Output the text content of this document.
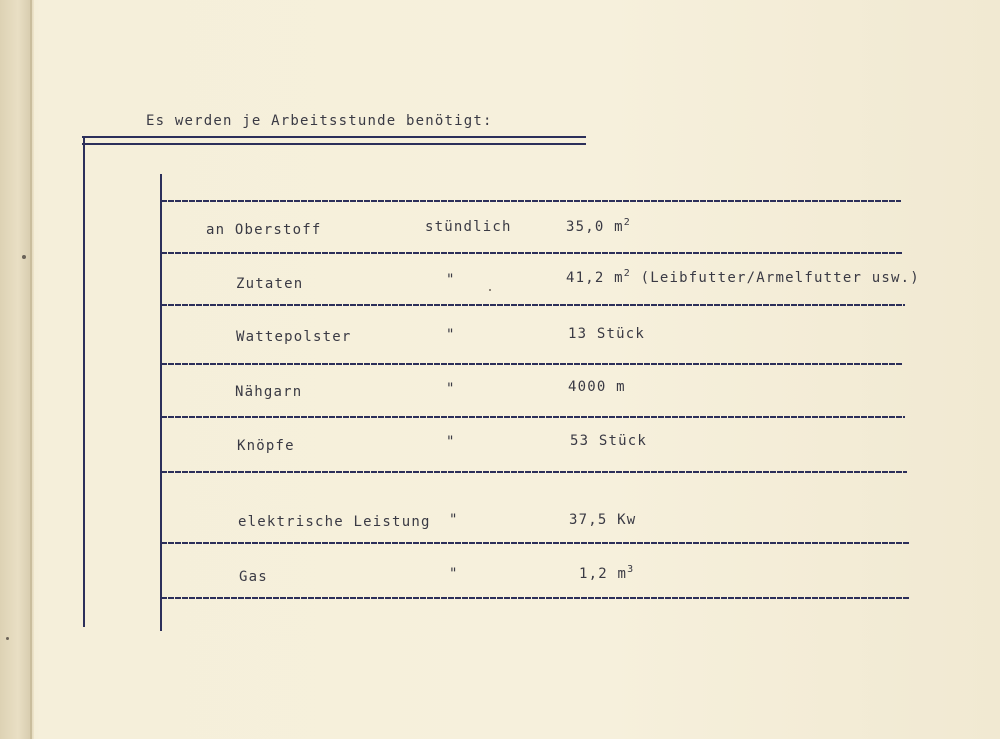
Es werden je Arbeitsstunde benötigt:
an Oberstoff	stündlich	35,0 $m^2$
Zutaten	"	41,2 $m^2$ (Leibfutter/Armelfutter usw.)
Wattepolster	"	13 Stück
Nähgarn	"	4000 m
Knöpfe	"	53 Stück
elektrische Leistung "	37,5 Kw
Gas	"	1,2 $m^3$
